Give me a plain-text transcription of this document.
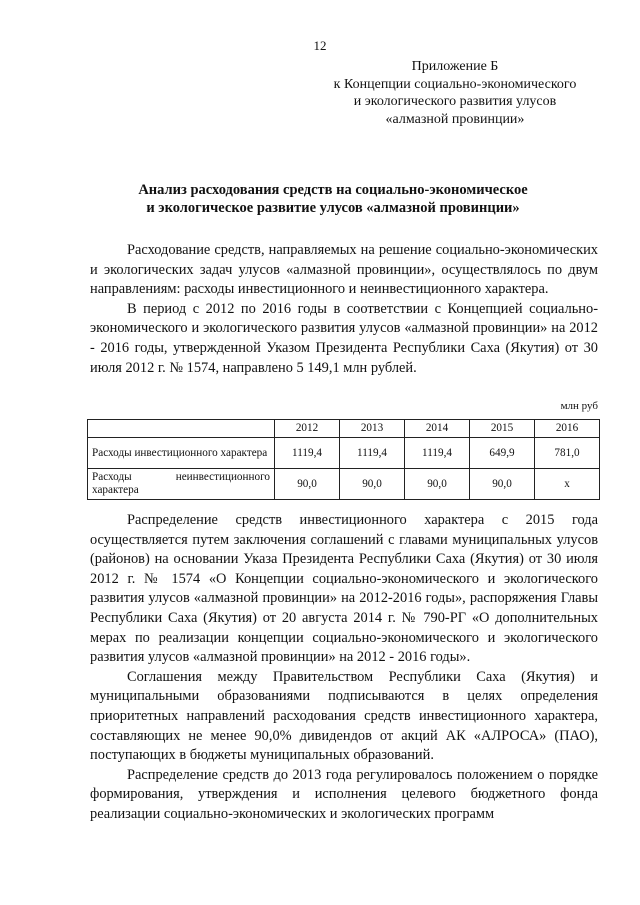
12
Приложение Б
к Концепции социально-экономического
и экологического развития улусов
«алмазной провинции»
Анализ расходования средств на социально-экономическое
и экологическое развитие улусов «алмазной провинции»

Расходование средств, направляемых на решение социально-экономических и экологических задач улусов «алмазной провинции», осуществлялось по двум направлениям: расходы инвестиционного и неинвестиционного характера.

В период с 2012 по 2016 годы в соответствии с Концепцией социально-экономического и экологического развития улусов «алмазной провинции» на 2012 - 2016 годы, утвержденной Указом Президента Республики Саха (Якутия) от 30 июля 2012 г. № 1574, направлено 5 149,1 млн рублей.

млн руб
	2012	2013	2014	2015	2016
Расходы инвестиционного характера	1119,4	1119,4	1119,4	649,9	781,0
Расходы неинвестиционного характера	90,0	90,0	90,0	90,0	х

Распределение средств инвестиционного характера с 2015 года осуществляется путем заключения соглашений с главами муниципальных улусов (районов) на основании Указа Президента Республики Саха (Якутия) от 30 июля 2012 г. № 1574 «О Концепции социально-экономического и экологического развития улусов «алмазной провинции» на 2012-2016 годы», распоряжения Главы Республики Саха (Якутия) от 20 августа 2014 г. № 790-РГ «О дополнительных мерах по реализации концепции социально-экономического и экологического развития улусов «алмазной провинции» на 2012 - 2016 годы».

Соглашения между Правительством Республики Саха (Якутия) и муниципальными образованиями подписываются в целях определения приоритетных направлений расходования средств инвестиционного характера, составляющих не менее 90,0% дивидендов от акций АК «АЛРОСА» (ПАО), поступающих в бюджеты муниципальных образований.

Распределение средств до 2013 года регулировалось положением о порядке формирования, утверждения и исполнения целевого бюджетного фонда реализации социально-экономических и экологических программ
